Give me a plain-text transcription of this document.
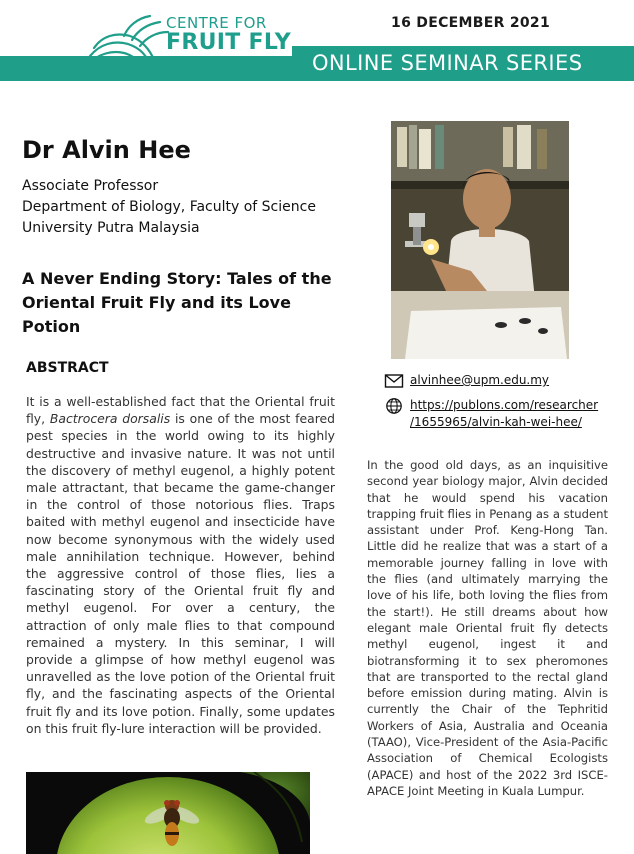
CENTRE FOR
FRUIT FLY
16 DECEMBER 2021
ONLINE SEMINAR SERIES
Dr Alvin Hee
Associate Professor
Department of Biology, Faculty of Science
University Putra Malaysia
A Never Ending Story: Tales of the Oriental Fruit Fly and its Love Potion
ABSTRACT
It is a well-established fact that the Oriental fruit fly, Bactrocera dorsalis is one of the most feared pest species in the world owing to its highly destructive and invasive nature. It was not until the discovery of methyl eugenol, a highly potent male attractant, that became the game-changer in the control of those notorious flies. Traps baited with methyl eugenol and insecticide have now become synonymous with the widely used male annihilation technique. However, behind the aggressive control of those flies, lies a fascinating story of the Oriental fruit fly and methyl eugenol. For over a century, the attraction of only male flies to that compound remained a mystery. In this seminar, I will provide a glimpse of how methyl eugenol was unravelled as the love potion of the Oriental fruit fly, and the fascinating aspects of the Oriental fruit fly and its love potion. Finally, some updates on this fruit fly-lure interaction will be provided.
alvinhee@upm.edu.my
https://publons.com/researcher
/1655965/alvin-kah-wei-hee/
In the good old days, as an inquisitive second year biology major, Alvin decided that he would spend his vacation trapping fruit flies in Penang as a student assistant under Prof. Keng-Hong Tan. Little did he realize that was a start of a memorable journey falling in love with the flies (and ultimately marrying the love of his life, both loving the flies from the start!). He still dreams about how elegant male Oriental fruit fly detects methyl eugenol, ingest it and biotransforming it to sex pheromones that are transported to the rectal gland before emission during mating. Alvin is currently the Chair of the Tephritid Workers of Asia, Australia and Oceania (TAAO), Vice-President of the Asia-Pacific Association of Chemical Ecologists (APACE) and host of the 2022 3rd ISCE-APACE Joint Meeting in Kuala Lumpur.
